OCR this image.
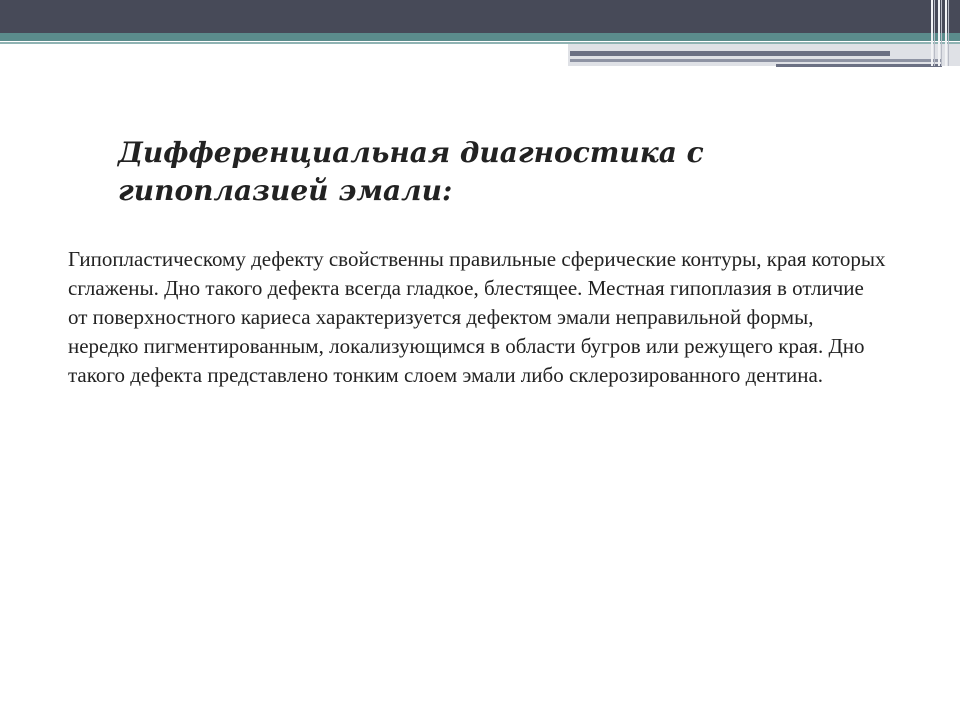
Дифференциальная диагностика с гипоплазией эмали:

Гипопластическому дефекту свойственны правильные сферические контуры, края которых сглажены. Дно такого дефекта всегда гладкое, блестящее. Местная гипоплазия в отличие от поверхностного кариеса характеризуется дефектом эмали неправильной формы, нередко пигментированным, локализующимся в области бугров или режущего края. Дно такого дефекта представлено тонким слоем эмали либо склерозированного дентина.
